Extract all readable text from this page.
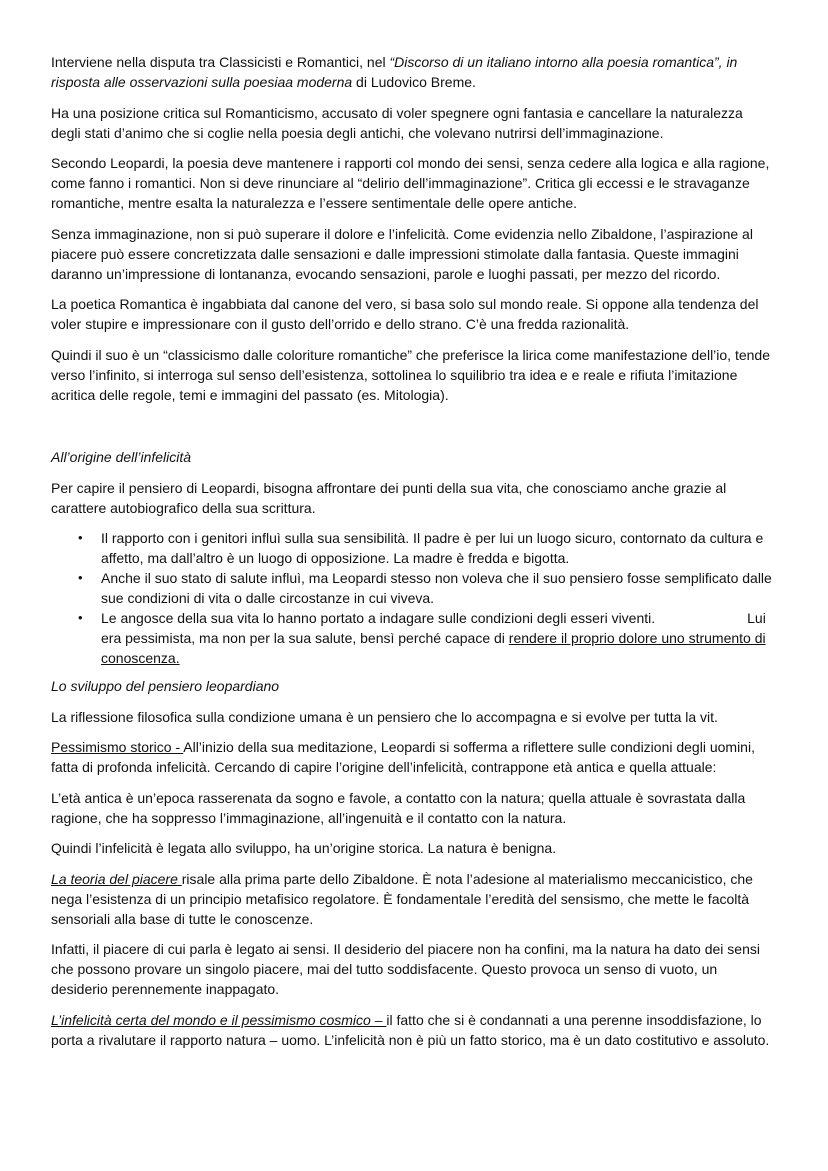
Interviene nella disputa tra Classicisti e Romantici, nel “Discorso di un italiano intorno alla poesia romantica”, in risposta alle osservazioni sulla poesiaa moderna di Ludovico Breme.

Ha una posizione critica sul Romanticismo, accusato di voler spegnere ogni fantasia e cancellare la naturalezza degli stati d’animo che si coglie nella poesia degli antichi, che volevano nutrirsi dell’immaginazione.

Secondo Leopardi, la poesia deve mantenere i rapporti col mondo dei sensi, senza cedere alla logica e alla ragione, come fanno i romantici. Non si deve rinunciare al “delirio dell’immaginazione”. Critica gli eccessi e le stravaganze romantiche, mentre esalta la naturalezza e l’essere sentimentale delle opere antiche.

Senza immaginazione, non si può superare il dolore e l’infelicità. Come evidenzia nello Zibaldone, l’aspirazione al piacere può essere concretizzata dalle sensazioni e dalle impressioni stimolate dalla fantasia. Queste immagini daranno un’impressione di lontananza, evocando sensazioni, parole e luoghi passati, per mezzo del ricordo.

La poetica Romantica è ingabbiata dal canone del vero, si basa solo sul mondo reale. Si oppone alla tendenza del voler stupire e impressionare con il gusto dell’orrido e dello strano. C’è una fredda razionalità.

Quindi il suo è un “classicismo dalle coloriture romantiche” che preferisce la lirica come manifestazione dell’io, tende verso l’infinito, si interroga sul senso dell’esistenza, sottolinea lo squilibrio tra idea e e reale e rifiuta l’imitazione acritica delle regole, temi e immagini del passato (es. Mitologia).

All’origine dell’infelicità

Per capire il pensiero di Leopardi, bisogna affrontare dei punti della sua vita, che conosciamo anche grazie al carattere autobiografico della sua scrittura.

• Il rapporto con i genitori influì sulla sua sensibilità. Il padre è per lui un luogo sicuro, contornato da cultura e affetto, ma dall’altro è un luogo di opposizione. La madre è fredda e bigotta.
• Anche il suo stato di salute influì, ma Leopardi stesso non voleva che il suo pensiero fosse semplificato dalle sue condizioni di vita o dalle circostanze in cui viveva.
• Le angosce della sua vita lo hanno portato a indagare sulle condizioni degli esseri viventi.	Lui era pessimista, ma non per la sua salute, bensì perché capace di rendere il proprio dolore uno strumento di conoscenza.

Lo sviluppo del pensiero leopardiano

La riflessione filosofica sulla condizione umana è un pensiero che lo accompagna e si evolve per tutta la vit.

Pessimismo storico - All’inizio della sua meditazione, Leopardi si sofferma a riflettere sulle condizioni degli uomini, fatta di profonda infelicità. Cercando di capire l’origine dell’infelicità, contrappone età antica e quella attuale:

L’età antica è un’epoca rasserenata da sogno e favole, a contatto con la natura; quella attuale è sovrastata dalla ragione, che ha soppresso l’immaginazione, all’ingenuità e il contatto con la natura.

Quindi l’infelicità è legata allo sviluppo, ha un’origine storica. La natura è benigna.

La teoria del piacere risale alla prima parte dello Zibaldone. È nota l’adesione al materialismo meccanicistico, che nega l’esistenza di un principio metafisico regolatore. È fondamentale l’eredità del sensismo, che mette le facoltà sensoriali alla base di tutte le conoscenze.

Infatti, il piacere di cui parla è legato ai sensi. Il desiderio del piacere non ha confini, ma la natura ha dato dei sensi che possono provare un singolo piacere, mai del tutto soddisfacente. Questo provoca un senso di vuoto, un desiderio perennemente inappagato.

L’infelicità certa del mondo e il pessimismo cosmico – il fatto che si è condannati a una perenne insoddisfazione, lo porta a rivalutare il rapporto natura – uomo. L’infelicità non è più un fatto storico, ma è un dato costitutivo e assoluto.
